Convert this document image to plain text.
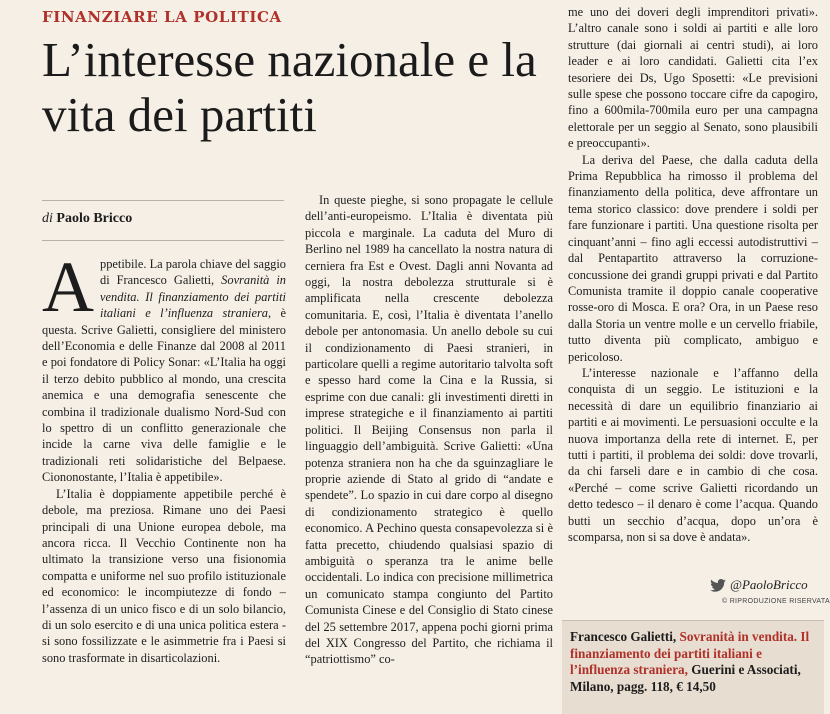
FINANZIARE LA POLITICA
L’interesse nazionale e la vita dei partiti
di Paolo Bricco

Appetibile. La parola chiave del saggio di Francesco Galietti, Sovranità in vendita. Il finanziamento dei partiti italiani e l’influenza straniera, è questa. Scrive Galietti, consigliere del ministero dell’Economia e delle Finanze dal 2008 al 2011 e poi fondatore di Policy Sonar: «L’Italia ha oggi il terzo debito pubblico al mondo, una crescita anemica e una demografia senescente che combina il tradizionale dualismo Nord-Sud con lo spettro di un conflitto generazionale che incide la carne viva delle famiglie e le tradizionali reti solidaristiche del Belpaese. Ciononostante, l’Italia è appetibile».

L’Italia è doppiamente appetibile perché è debole, ma preziosa. Rimane uno dei Paesi principali di una Unione europea debole, ma ancora ricca. Il Vecchio Continente non ha ultimato la transizione verso una fisionomia compatta e uniforme nel suo profilo istituzionale ed economico: le incompiutezze di fondo – l’assenza di un unico fisco e di un solo bilancio, di un solo esercito e di una unica politica estera - si sono fossilizzate e le asimmetrie fra i Paesi si sono trasformate in disarticolazioni.

In queste pieghe, si sono propagate le cellule dell’anti-europeismo. L’Italia è diventata più piccola e marginale. La caduta del Muro di Berlino nel 1989 ha cancellato la nostra natura di cerniera fra Est e Ovest. Dagli anni Novanta ad oggi, la nostra debolezza strutturale si è amplificata nella crescente debolezza comunitaria. E, così, l’Italia è diventata l’anello debole per antonomasia. Un anello debole su cui il condizionamento di Paesi stranieri, in particolare quelli a regime autoritario talvolta soft e spesso hard come la Cina e la Russia, si esprime con due canali: gli investimenti diretti in imprese strategiche e il finanziamento ai partiti politici. Il Beijing Consensus non parla il linguaggio dell’ambiguità. Scrive Galietti: «Una potenza straniera non ha che da sguinzagliare le proprie aziende di Stato al grido di “andate e spendete”. Lo spazio in cui dare corpo al disegno di condizionamento strategico è quello economico. A Pechino questa consapevolezza si è fatta precetto, chiudendo qualsiasi spazio di ambiguità o speranza tra le anime belle occidentali. Lo indica con precisione millimetrica un comunicato stampa congiunto del Partito Comunista Cinese e del Consiglio di Stato cinese del 25 settembre 2017, appena pochi giorni prima del XIX Congresso del Partito, che richiama il “patriottismo” co-

me uno dei doveri degli imprenditori privati». L’altro canale sono i soldi ai partiti e alle loro strutture (dai giornali ai centri studi), ai loro leader e ai loro candidati. Galietti cita l’ex tesoriere dei Ds, Ugo Sposetti: «Le previsioni sulle spese che possono toccare cifre da capogiro, fino a 600mila-700mila euro per una campagna elettorale per un seggio al Senato, sono plausibili e preoccupanti».

La deriva del Paese, che dalla caduta della Prima Repubblica ha rimosso il problema del finanziamento della politica, deve affrontare un tema storico classico: dove prendere i soldi per fare funzionare i partiti. Una questione risolta per cinquant’anni – fino agli eccessi autodistruttivi – dal Pentapartito attraverso la corruzione-concussione dei grandi gruppi privati e dal Partito Comunista tramite il doppio canale cooperative rosse-oro di Mosca. E ora? Ora, in un Paese reso dalla Storia un ventre molle e un cervello friabile, tutto diventa più complicato, ambiguo e pericoloso.

L’interesse nazionale e l’affanno della conquista di un seggio. Le istituzioni e la necessità di dare un equilibrio finanziario ai partiti e ai movimenti. Le persuasioni occulte e la nuova importanza della rete di internet. E, per tutti i partiti, il problema dei soldi: dove trovarli, da chi farseli dare e in cambio di che cosa. «Perché – come scrive Galietti ricordando un detto tedesco – il denaro è come l’acqua. Quando butti un secchio d’acqua, dopo un’ora è scomparsa, non si sa dove è andata».

@PaoloBricco
© RIPRODUZIONE RISERVATA
Francesco Galietti, Sovranità in vendita. Il finanziamento dei partiti italiani e l’influenza straniera, Guerini e Associati, Milano, pagg. 118, € 14,50
